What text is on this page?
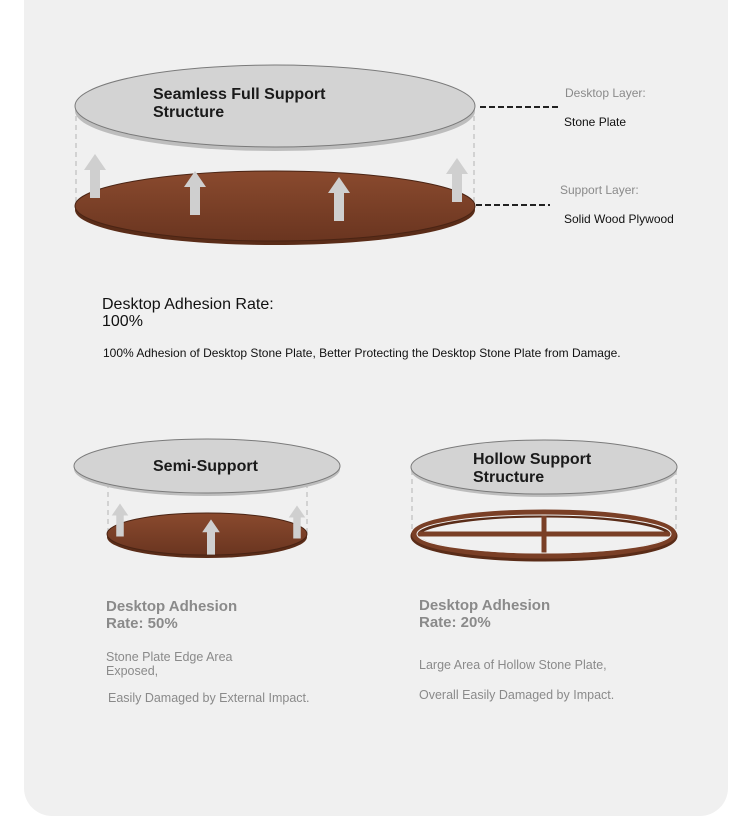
Seamless Full Support Structure

Desktop Layer:

Stone Plate

Support Layer:

Solid Wood Plywood

Desktop Adhesion Rate: 100%

100% Adhesion of Desktop Stone Plate, Better Protecting the Desktop Stone Plate from Damage.

Semi-Support

Desktop Adhesion Rate: 50%

Stone Plate Edge Area Exposed,

Easily Damaged by External Impact.

Hollow Support Structure

Desktop Adhesion Rate: 20%

Large Area of Hollow Stone Plate,

Overall Easily Damaged by Impact.
